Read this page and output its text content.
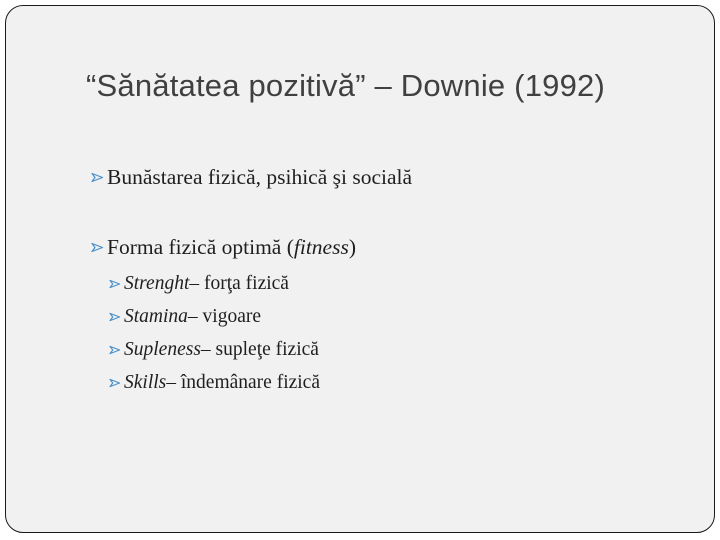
“Sănătatea pozitivă” – Downie (1992)
Bunăstarea fizică, psihică şi socială
Forma fizică optimă ( fitness )
Strenght – forţa fizică
Stamina – vigoare
Supleness – supleţe fizică
Skills – îndemânare fizică
